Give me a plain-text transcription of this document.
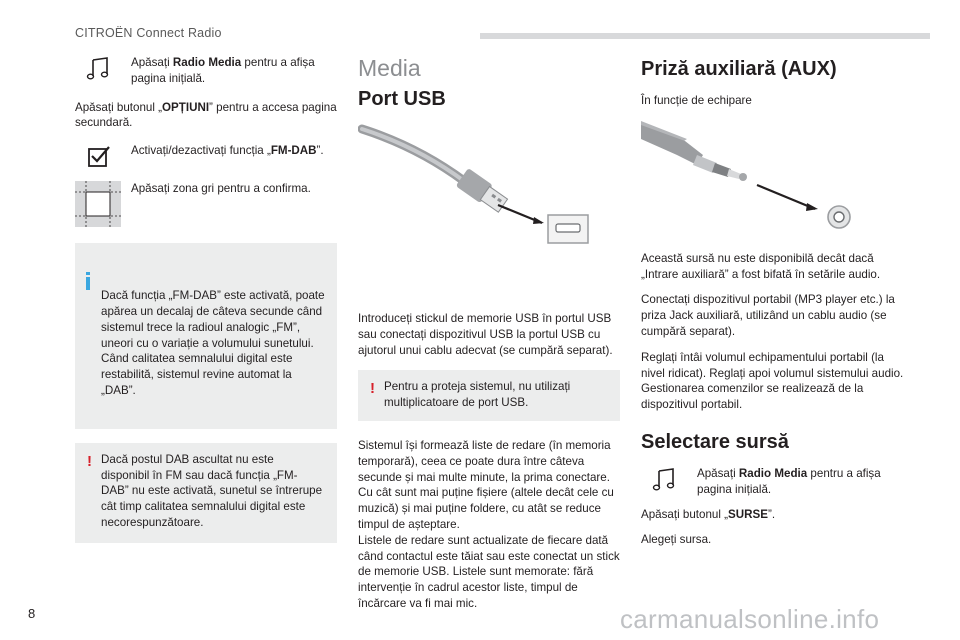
CITROËN Connect Radio

Apăsați Radio Media pentru a afișa pagina inițială.

Apăsați butonul „OPȚIUNI” pentru a accesa pagina secundară.

Activați/dezactivați funcția „FM-DAB”.

Apăsați zona gri pentru a confirma.

Dacă funcția „FM-DAB” este activată, poate apărea un decalaj de câteva secunde când sistemul trece la radioul analogic „FM”, uneori cu o variație a volumului sunetului.
Când calitatea semnalului digital este restabilită, sistemul revine automat la „DAB”.

! Dacă postul DAB ascultat nu este disponibil în FM sau dacă funcția „FM-DAB” nu este activată, sunetul se întrerupe cât timp calitatea semnalului digital este necorespunzătoare.

Media
Port USB

Introduceți stickul de memorie USB în portul USB sau conectați dispozitivul USB la portul USB cu ajutorul unui cablu adecvat (se cumpără separat).

! Pentru a proteja sistemul, nu utilizați multiplicatoare de port USB.

Sistemul își formează liste de redare (în memoria temporară), ceea ce poate dura între câteva secunde și mai multe minute, la prima conectare.
Cu cât sunt mai puține fișiere (altele decât cele cu muzică) și mai puține foldere, cu atât se reduce timpul de așteptare.
Listele de redare sunt actualizate de fiecare dată când contactul este tăiat sau este conectat un stick de memorie USB. Listele sunt memorate: fără intervenție în cadrul acestor liste, timpul de încărcare va fi mai mic.

Priză auxiliară (AUX)

În funcție de echipare

Această sursă nu este disponibilă decât dacă „Intrare auxiliară” a fost bifată în setările audio.

Conectați dispozitivul portabil (MP3 player etc.) la priza Jack auxiliară, utilizând un cablu audio (se cumpără separat).

Reglați întâi volumul echipamentului portabil (la nivel ridicat). Reglați apoi volumul sistemului audio.
Gestionarea comenzilor se realizează de la dispozitivul portabil.

Selectare sursă

Apăsați Radio Media pentru a afișa pagina inițială.

Apăsați butonul „SURSE”.

Alegeți sursa.

8	carmanualsonline.info
